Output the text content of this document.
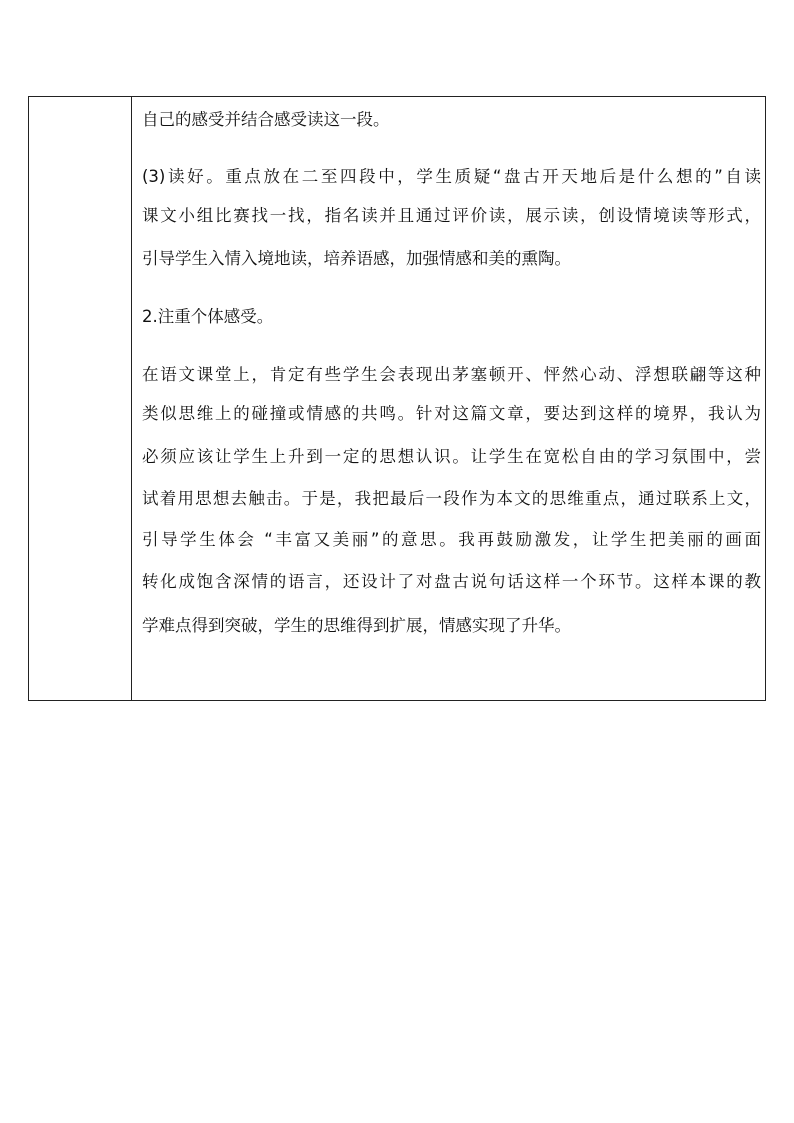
自己的感受并结合感受读这一段。
(3)读好。重点放在二至四段中，学生质疑“盘古开天地后是什么想的”自读
课文小组比赛找一找，指名读并且通过评价读，展示读，创设情境读等形式，
引导学生入情入境地读，培养语感，加强情感和美的熏陶。
2.注重个体感受。
在语文课堂上，肯定有些学生会表现出茅塞顿开、怦然心动、浮想联翩等这种
类似思维上的碰撞或情感的共鸣。针对这篇文章，要达到这样的境界，我认为
必须应该让学生上升到一定的思想认识。让学生在宽松自由的学习氛围中，尝
试着用思想去触击。于是，我把最后一段作为本文的思维重点，通过联系上文，
引导学生体会 “丰富又美丽”的意思。我再鼓励激发，让学生把美丽的画面
转化成饱含深情的语言，还设计了对盘古说句话这样一个环节。这样本课的教
学难点得到突破，学生的思维得到扩展，情感实现了升华。
